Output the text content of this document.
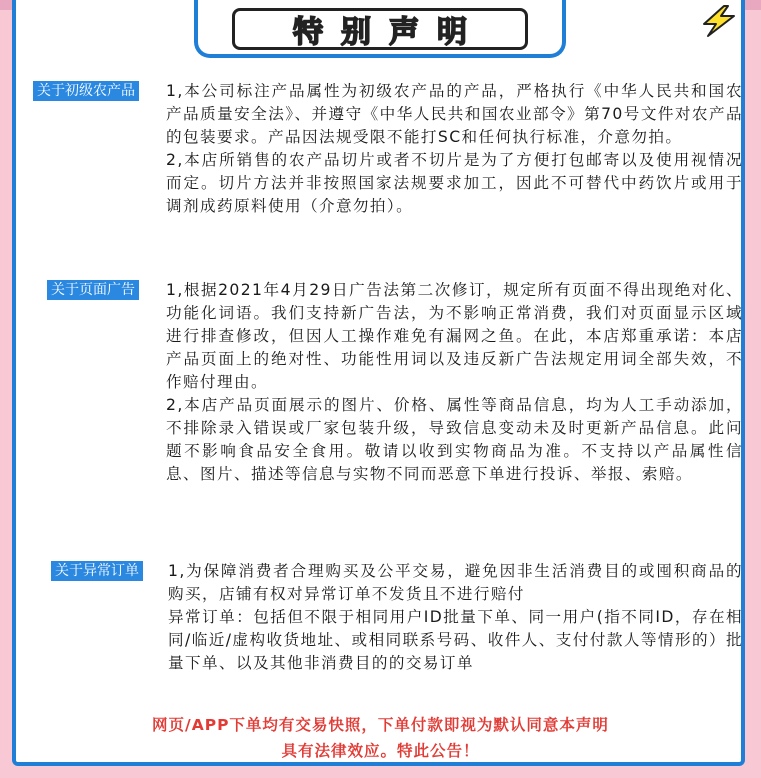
特别声明
关于初级农产品 1,本公司标注产品属性为初级农产品的产品，严格执行《中华人民共和国农产品质量安全法》、并遵守《中华人民共和国农业部令》第70号文件对农产品的包装要求。产品因法规受限不能打SC和任何执行标准，介意勿拍。

2,本店所销售的农产品切片或者不切片是为了方便打包邮寄以及使用视情况而定。切片方法并非按照国家法规要求加工，因此不可替代中药饮片或用于调剂成药原料使用（介意勿拍）。

关于页面广告 1,根据2021年4月29日广告法第二次修订，规定所有页面不得出现绝对化、功能化词语。我们支持新广告法，为不影响正常消费，我们对页面显示区域进行排查修改，但因人工操作难免有漏网之鱼。在此，本店郑重承诺：本店产品页面上的绝对性、功能性用词以及违反新广告法规定用词全部失效，不作赔付理由。

2,本店产品页面展示的图片、价格、属性等商品信息，均为人工手动添加，不排除录入错误或厂家包装升级，导致信息变动未及时更新产品信息。此问题不影响食品安全食用。敬请以收到实物商品为准。不支持以产品属性信息、图片、描述等信息与实物不同而恶意下单进行投诉、举报、索赔。

关于异常订单 1,为保障消费者合理购买及公平交易，避免因非生活消费目的或囤积商品的购买，店铺有权对异常订单不发货且不进行赔付

异常订单：包括但不限于相同用户ID批量下单、同一用户(指不同ID，存在相同/临近/虚构收货地址、或相同联系号码、收件人、支付付款人等情形的）批量下单、以及其他非消费目的的交易订单

网页/APP下单均有交易快照，下单付款即视为默认同意本声明

具有法律效应。特此公告！
